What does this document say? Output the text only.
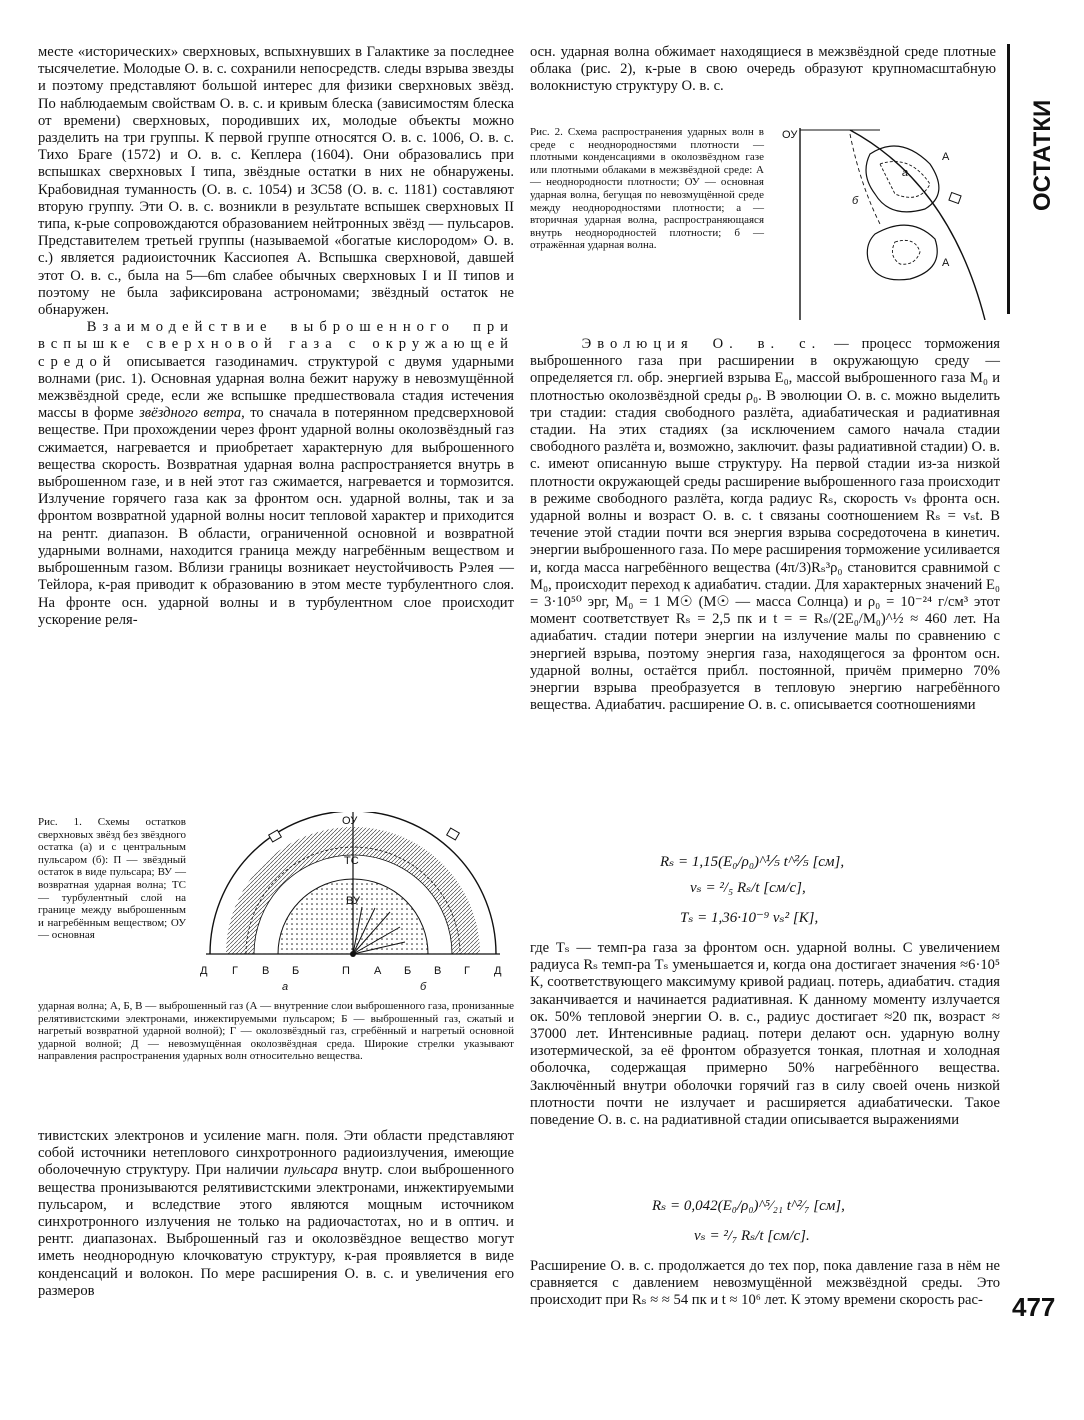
месте «исторических» сверхновых, вспыхнувших в Галактике за последнее тысячелетие. Молодые О. в. с. сохранили непосредств. следы взрыва звезды и поэтому представляют большой интерес для физики сверхновых звёзд. По наблюдаемым свойствам О. в. с. и кривым блеска (зависимостям блеска от времени) сверхновых, породивших их, молодые объекты можно разделить на три группы. К первой группе относятся О. в. с. 1006, О. в. с. Тихо Браге (1572) и О. в. с. Кеплера (1604). Они образовались при вспышках сверхновых I типа, звёздные остатки в них не обнаружены. Крабовидная туманность (О. в. с. 1054) и 3С58 (О. в. с. 1181) составляют вторую группу. Эти О. в. с. возникли в результате вспышек сверхновых II типа, к-рые сопровождаются образованием нейтронных звёзд — пульсаров. Представителем третьей группы (называемой «богатые кислородом» О. в. с.) является радиоисточник Кассиопея А. Вспышка сверхновой, давшей этот О. в. с., была на 5—6m слабее обычных сверхновых I и II типов и поэтому не была зафиксирована астрономами; звёздный остаток не обнаружен.

Взаимодействие выброшенного при вспышке сверхновой газа с окружающей средой описывается газодинамич. структурой с двумя ударными волнами (рис. 1). Основная ударная волна бежит наружу в невозмущённой межзвёздной среде, если же вспышке предшествовала стадия истечения массы в форме звёздного ветра, то сначала в потерянном предсверхновой веществе. При прохождении через фронт ударной волны околозвёздный газ сжимается, нагревается и приобретает характерную для выброшенного вещества скорость. Возвратная ударная волна распространяется внутрь в выброшенном газе, и в ней этот газ сжимается, нагревается и тормозится. Излучение горячего газа как за фронтом осн. ударной волны, так и за фронтом возвратной ударной волны носит тепловой характер и приходится на рентг. диапазон. В области, ограниченной основной и возвратной ударными волнами, находится граница между нагребённым веществом и выброшенным газом. Вблизи границы возникает неустойчивость Рэлея — Тейлора, к-рая приводит к образованию в этом месте турбулентного слоя. На фронте осн. ударной волны и в турбулентном слое происходит ускорение реля-

Рис. 1. Схемы остатков сверхновых звёзд без звёздного остатка (а) и с центральным пульсаром (б): П — звёздный остаток в виде пульсара; ВУ — возвратная ударная волна; ТС — турбулентный слой на границе между выброшенным и нагребённым веществом; ОУ — основная
ОУ
ТС
ВУ
Д Г В Б	П А Б В Г Д
а	б
ударная волна; А, Б, В — выброшенный газ (А — внутренние слои выброшенного газа, пронизанные релятивистскими электронами, инжектируемыми пульсаром; Б — выброшенный газ, сжатый и нагретый возвратной ударной волной); Г — околозвёздный газ, сгребённый и нагретый основной ударной волной; Д — невозмущённая околозвёздная среда. Широкие стрелки указывают направления распространения ударных волн относительно вещества.

тивистских электронов и усиление магн. поля. Эти области представляют собой источники нетеплового синхротронного радиоизлучения, имеющие оболочечную структуру. При наличии пульсара внутр. слои выброшенного вещества пронизываются релятивистскими электронами, инжектируемыми пульсаром, и вследствие этого являются мощным источником синхротронного излучения не только на радиочастотах, но и в оптич. и рентг. диапазонах. Выброшенный газ и околозвёздное вещество могут иметь неоднородную клочковатую структуру, к-рая проявляется в виде конденсаций и волокон. По мере расширения О. в. с. и увеличения его размеров

осн. ударная волна обжимает находящиеся в межзвёздной среде плотные облака (рис. 2), к-рые в свою очередь образуют крупномасштабную волокнистую структуру О. в. с.

Рис. 2. Схема распространения ударных волн в среде с неоднородностями плотности — плотными конденсациями в околозвёздном газе или плотными облаками в межзвёздной среде: А — неоднородности плотности; ОУ — основная ударная волна, бегущая по невозмущённой среде между неоднородностями плотности; а — вторичная ударная волна, распространяющаяся внутрь неоднородностей плотности; б — отражённая ударная волна.
ОУ
А
А
а
б

Эволюция О. в. с. — процесс торможения выброшенного газа при расширении в окружающую среду — определяется гл. обр. энергией взрыва E₀, массой выброшенного газа M₀ и плотностью околозвёздной среды ρ₀. В эволюции О. в. с. можно выделить три стадии: стадия свободного разлёта, адиабатическая и радиативная стадии. На этих стадиях (за исключением самого начала стадии свободного разлёта и, возможно, заключит. фазы радиативной стадии) О. в. с. имеют описанную выше структуру. На первой стадии из-за низкой плотности окружающей среды расширение выброшенного газа происходит в режиме свободного разлёта, когда радиус Rₛ, скорость vₛ фронта осн. ударной волны и возраст О. в. с. t связаны соотношением Rₛ = vₛt. В течение этой стадии почти вся энергия взрыва сосредоточена в кинетич. энергии выброшенного газа. По мере расширения торможение усиливается и, когда масса нагребённого вещества (4π/3)Rₛ³ρ₀ становится сравнимой с M₀, происходит переход к адиабатич. стадии. Для характерных значений E₀ = 3·10⁵⁰ эрг, M₀ = 1 M☉ (M☉ — масса Солнца) и ρ₀ = 10⁻²⁴ г/см³ этот момент соответствует Rₛ = 2,5 пк и t = = Rₛ/(2E₀/M₀)^½ ≈ 460 лет. На адиабатич. стадии потери энергии на излучение малы по сравнению с энергией взрыва, поэтому энергия газа, находящегося за фронтом осн. ударной волны, остаётся прибл. постоянной, причём примерно 70% энергии взрыва преобразуется в тепловую энергию нагребённого вещества. Адиабатич. расширение О. в. с. описывается соотношениями

Rₛ = 1,15(E₀/ρ₀)^⅕ t^⅖ [см],
vₛ = ²/₅ Rₛ/t [см/с],
Tₛ = 1,36·10⁻⁹ vₛ² [К],

где Tₛ — темп-ра газа за фронтом осн. ударной волны. С увеличением радиуса Rₛ темп-ра Tₛ уменьшается и, когда она достигает значения ≈6·10⁵ К, соответствующего максимуму кривой радиац. потерь, адиабатич. стадия заканчивается и начинается радиативная. К данному моменту излучается ок. 50% тепловой энергии О. в. с., радиус достигает ≈20 пк, возраст ≈ 37000 лет. Интенсивные радиац. потери делают осн. ударную волну изотермической, за её фронтом образуется тонкая, плотная и холодная оболочка, содержащая примерно 50% нагребённого вещества. Заключённый внутри оболочки горячий газ в силу своей очень низкой плотности почти не излучает и расширяется адиабатически. Такое поведение О. в. с. на радиативной стадии описывается выражениями

Rₛ = 0,042(E₀/ρ₀)^⁵⁄₂₁ t^²⁄₇ [см],
vₛ = ²/₇ Rₛ/t [см/с].

Расширение О. в. с. продолжается до тех пор, пока давление газа в нём не сравняется с давлением невозмущённой межзвёздной среды. Это происходит при Rₛ ≈ ≈ 54 пк и t ≈ 10⁶ лет. К этому времени скорость рас-

ОСТАТКИ
477
